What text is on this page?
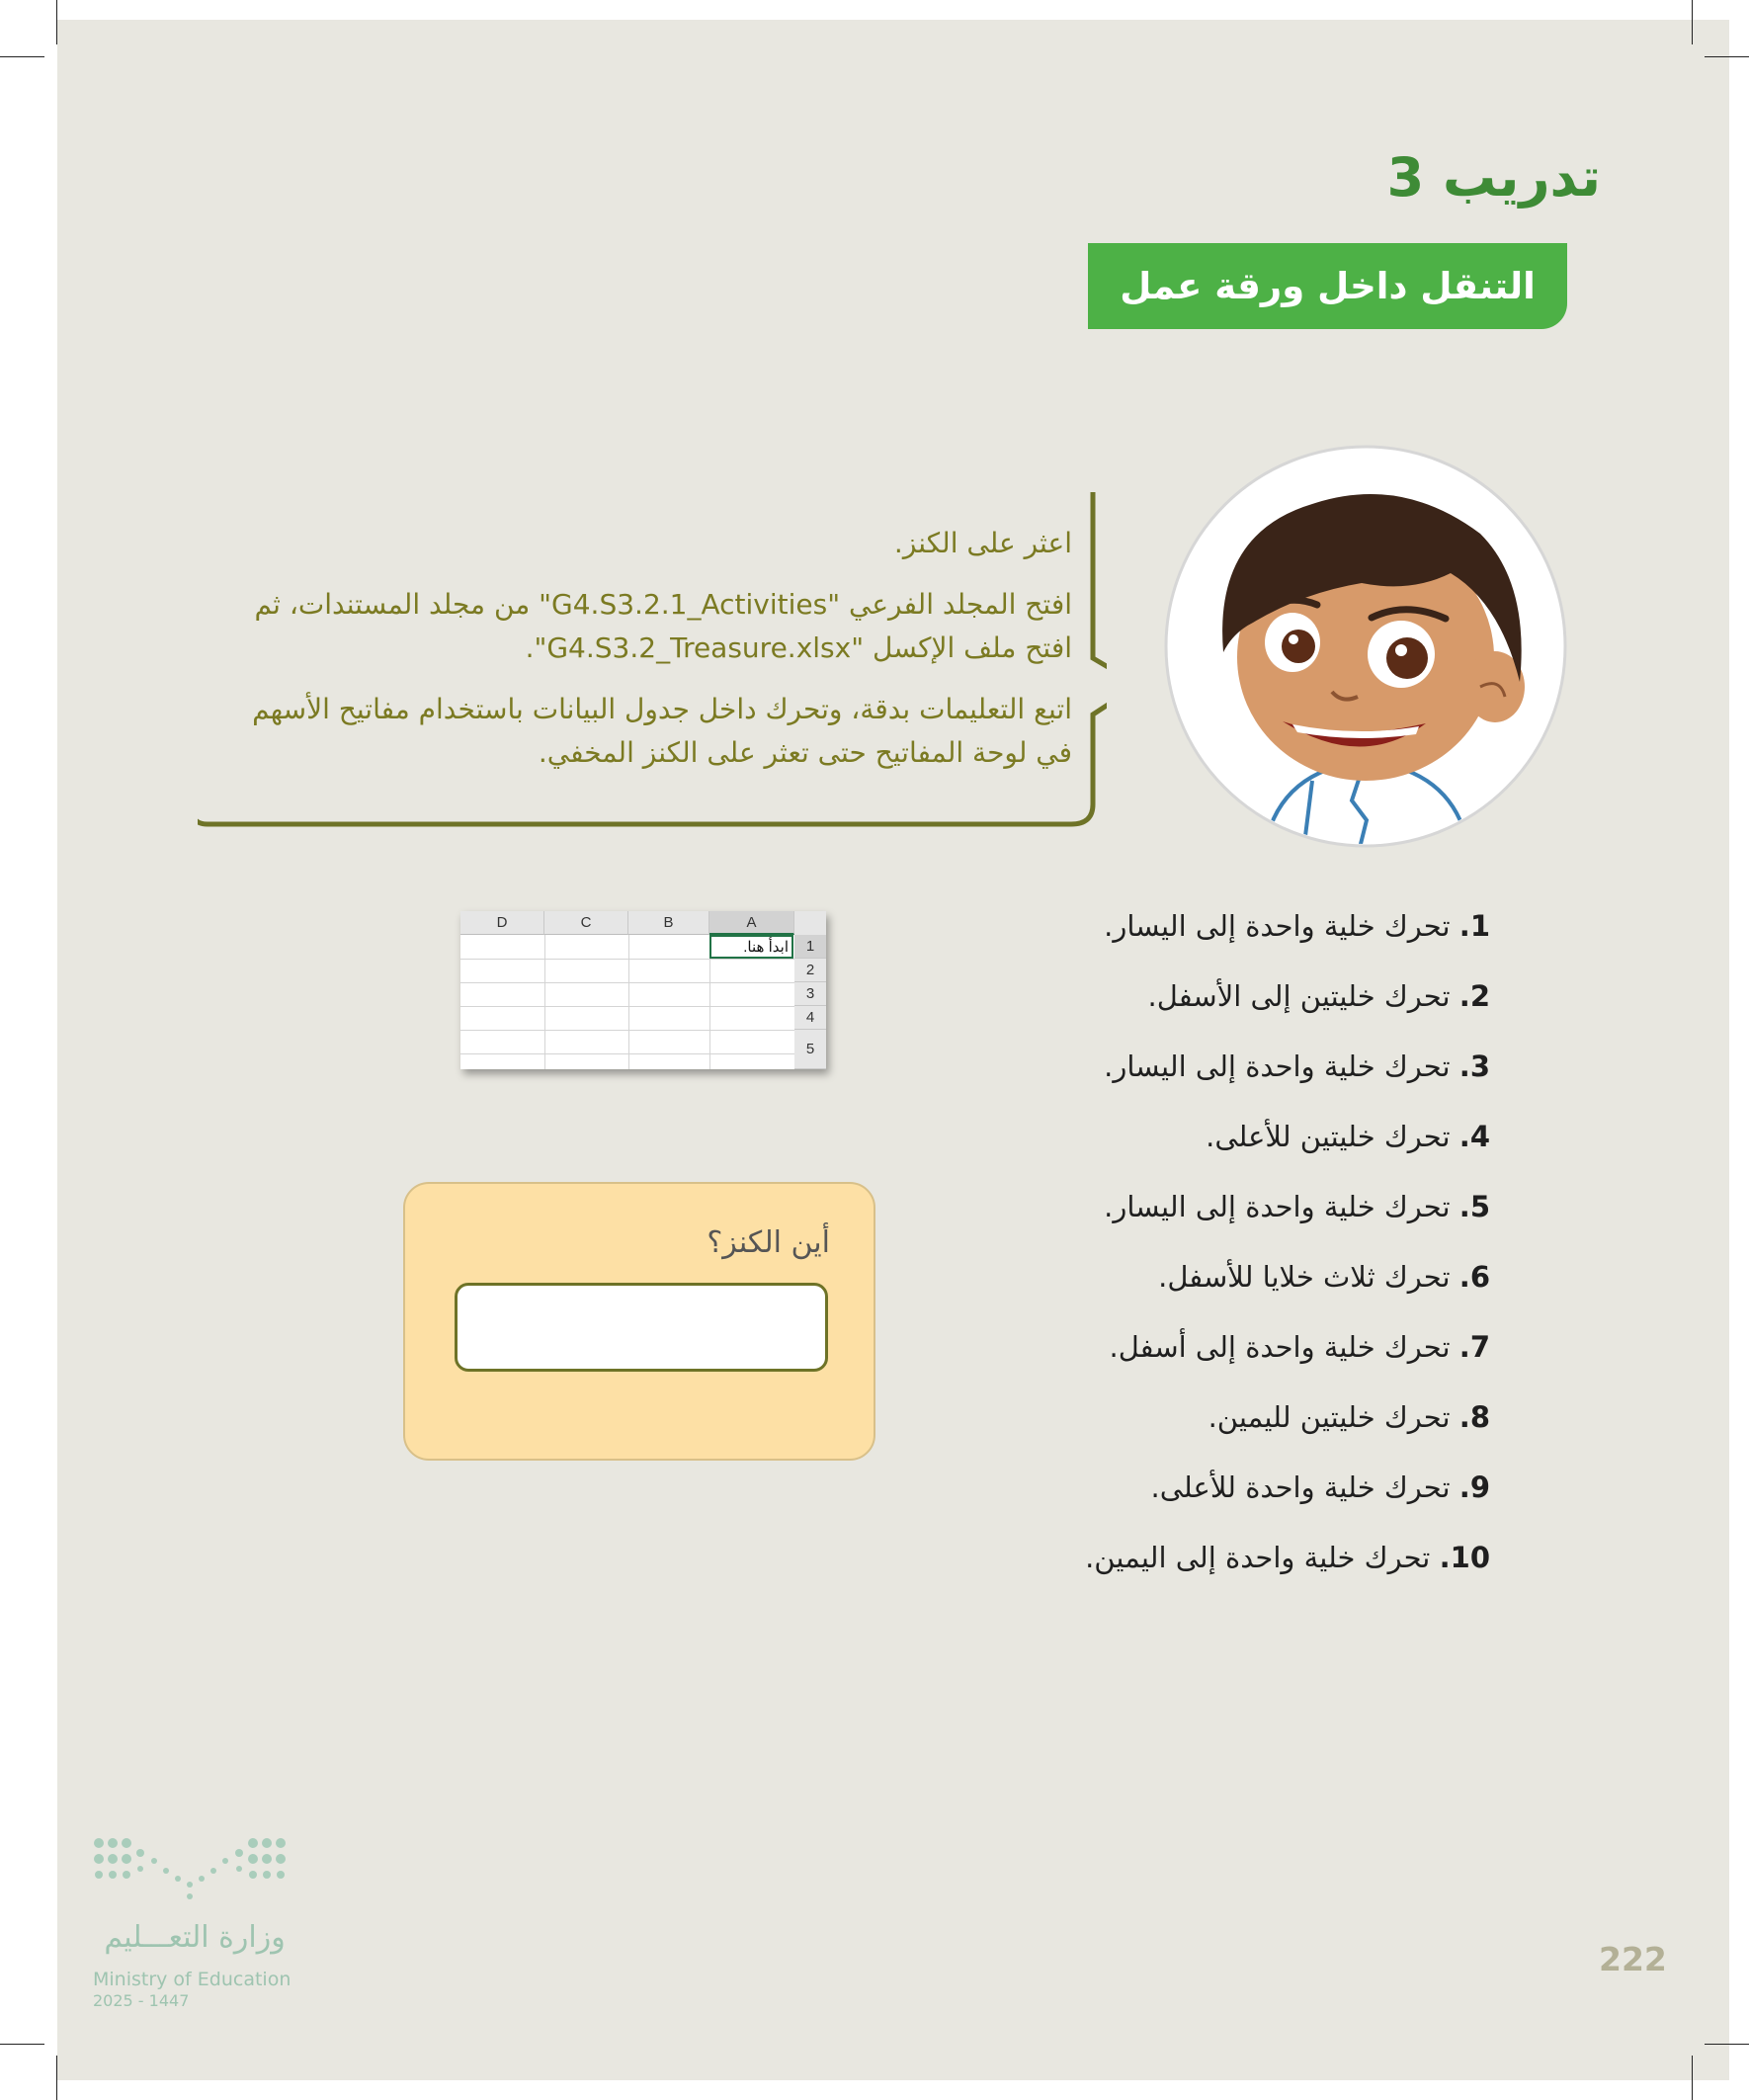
تدريب 3
التنقل داخل ورقة عمل

اعثر على الكنز.

افتح المجلد الفرعي "G4.S3.2.1_Activities" من مجلد المستندات، ثم افتح ملف الإكسل "G4.S3.2_Treasure.xlsx".

اتبع التعليمات بدقة، وتحرك داخل جدول البيانات باستخدام مفاتيح الأسهم في لوحة المفاتيح حتى تعثر على الكنز المخفي.

A
B
C
D
1
2
3
4
5
ابدأ هنا.
1. تحرك خلية واحدة إلى اليسار.
2. تحرك خليتين إلى الأسفل.
3. تحرك خلية واحدة إلى اليسار.
4. تحرك خليتين للأعلى.
5. تحرك خلية واحدة إلى اليسار.
6. تحرك ثلاث خلايا للأسفل.
7. تحرك خلية واحدة إلى أسفل.
8. تحرك خليتين لليمين.
9. تحرك خلية واحدة للأعلى.
10. تحرك خلية واحدة إلى اليمين.
أين الكنز؟
وزارة التعـــليم
Ministry of Education
2025 - 1447
222
